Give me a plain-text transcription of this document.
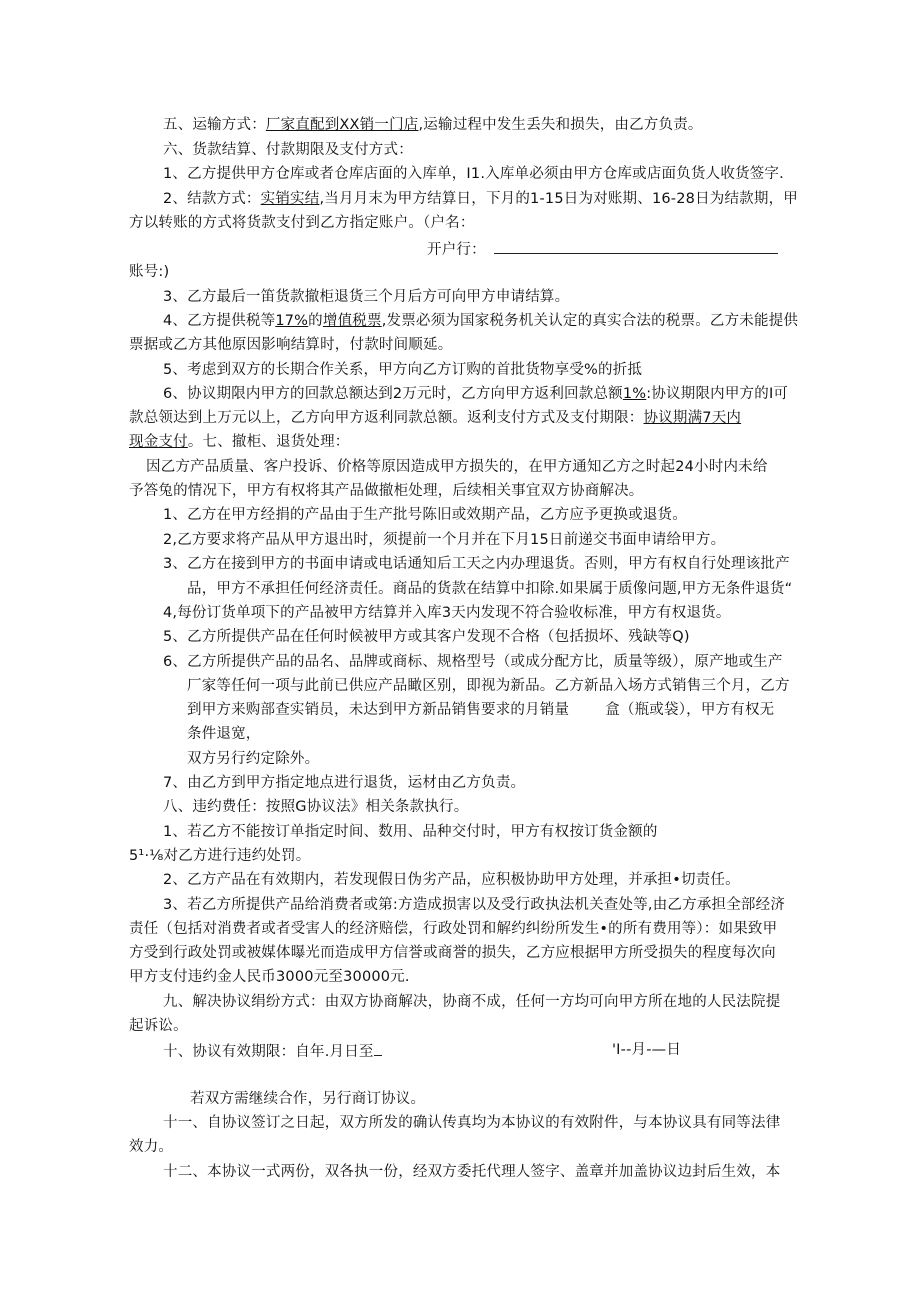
五、运输方式：厂家直配到XX销一门店,运输过程中发生丢失和损失，由乙方负责。

六、货款结算、付款期限及支付方式：

1、乙方提供甲方仓库或者仓库店面的入库单，I1.入库单必须由甲方仓库或店面负货人收货签字.

2、结款方式：实销实结,当月月末为甲方结算日，下月的1-15日为对账期、16-28日为结款期，甲

方以转账的方式将货款支付到乙方指定账户。（户名：

开户行：

账号:)

3、乙方最后一笛货款撤柜退货三个月后方可向甲方申请结算。

4、乙方提供税等17%的增值税票,发票必须为国家税务机关认定的真实合法的税票。乙方未能提供

票据或乙方其他原因影响结算时，付款时间顺延。

5、考虑到双方的长期合作关系，甲方向乙方订购的首批货物享受%的折抵

6、协议期限内甲方的回款总额达到2万元时，乙方向甲方返利回款总额1%:协议期限内甲方的I可

款总领达到上万元以上，乙方向甲方返利同款总额。返利支付方式及支付期限：协议期满7天内

现金支付。七、撤柜、退货处理：

因乙方产品质量、客户投诉、价格等原因造成甲方损失的，在甲方通知乙方之时起24小时内未给

予答兔的情况下，甲方有权将其产品做撤柜处理，后续相关事宜双方协商解决。

1、乙方在甲方经捐的产品由于生产批号陈旧或效期产品，乙方应予更换或退货。

2,乙方要求将产品从甲方退出时，须提前一个月并在下月15日前递交书面申请给甲方。

3、乙方在接到甲方的书面申请或电话通知后工天之内办理退货。否则，甲方有权自行处理该批产

品，甲方不承担任何经济责任。商品的货款在结算中扣除.如果属于质像问题,甲方无条件退货“

4,每份订货单项下的产品被甲方结算并入库3天内发现不符合验收标准，甲方有权退货。

5、乙方所提供产品在任何时候被甲方或其客户发现不合格（包括损坏、残缺等Q)

6、乙方所提供产品的品名、品牌或商标、规格型号（或成分配方比，质量等级），原产地或生产

厂家等任何一项与此前已供应产品瞰区别，即视为新品。乙方新品入场方式销售三个月，乙方

到甲方来购部查实销员，未达到甲方新品销售要求的月销量 盒（瓶或袋），甲方有权无

条件退宽，

双方另行约定除外。

7、由乙方到甲方指定地点进行退货，运材由乙方负责。

八、违约费任：按照G协议法》相关条款执行。

1、若乙方不能按订单指定时间、数用、品种交付时，甲方有权按订货金额的

5¹·⅛对乙方进行违约处罚。

2、乙方产品在有效期内，若发现假日伪劣产品，应积极协助甲方处理，并承担•切责任。

3、若乙方所提供产品给消费者或第:方造成损害以及受行政执法机关查处等,由乙方承担全部经济

责任（包括对消费者或者受害人的经济赔偿，行政处罚和解约纠纷所发生•的所有费用等）：如果致甲

方受到行政处罚或被媒体曝光而造成甲方信誉或商誉的损失，乙方应根据甲方所受损失的程度每次向

甲方支付违约金人民币3000元至30000元.

九、解决协议绢纷方式：由双方协商解决，协商不成，任何一方均可向甲方所在地的人民法院提

起诉讼。

十、协议有效期限：自年.月日至	'I--月-—日

若双方需继续合作，另行商订协议。

十一、自协议签订之日起，双方所发的确认传真均为本协议的有效附件，与本协议具有同等法律

效力。

十二、本协议一式两份，双各执一份，经双方委托代理人签字、盖章并加盖协议边封后生效，本
